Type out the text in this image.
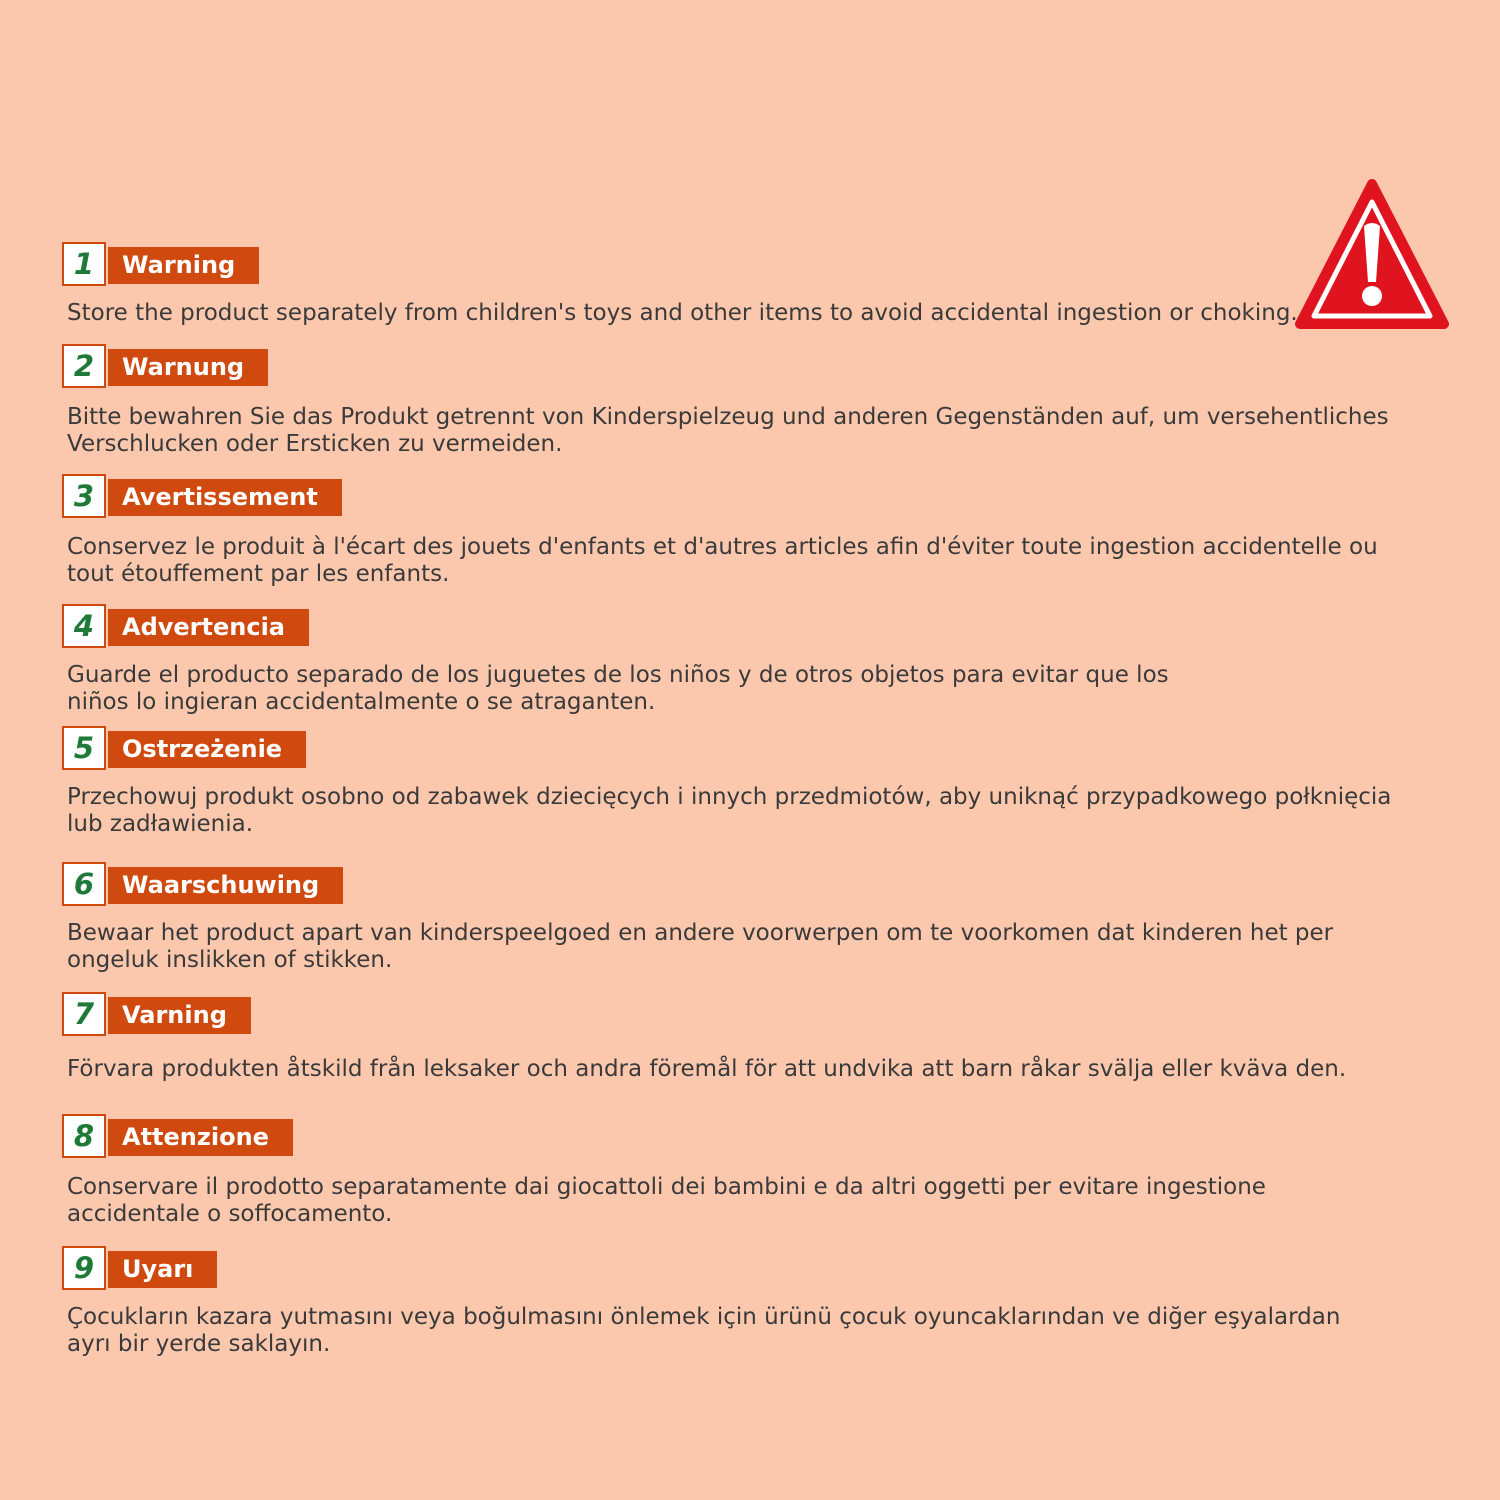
1	Warning

Store the product separately from children's toys and other items to avoid accidental ingestion or choking.

2	Warnung

Bitte bewahren Sie das Produkt getrennt von Kinderspielzeug und anderen Gegenständen auf, um versehentliches
Verschlucken oder Ersticken zu vermeiden.

3	Avertissement

Conservez le produit à l'écart des jouets d'enfants et d'autres articles afin d'éviter toute ingestion accidentelle ou
tout étouffement par les enfants.

4	Advertencia

Guarde el producto separado de los juguetes de los niños y de otros objetos para evitar que los
niños lo ingieran accidentalmente o se atraganten.

5	Ostrzeżenie

Przechowuj produkt osobno od zabawek dziecięcych i innych przedmiotów, aby uniknąć przypadkowego połknięcia
lub zadławienia.

6	Waarschuwing

Bewaar het product apart van kinderspeelgoed en andere voorwerpen om te voorkomen dat kinderen het per
ongeluk inslikken of stikken.

7	Varning

Förvara produkten åtskild från leksaker och andra föremål för att undvika att barn råkar svälja eller kväva den.

8	Attenzione

Conservare il prodotto separatamente dai giocattoli dei bambini e da altri oggetti per evitare ingestione
accidentale o soffocamento.

9	Uyarı

Çocukların kazara yutmasını veya boğulmasını önlemek için ürünü çocuk oyuncaklarından ve diğer eşyalardan
ayrı bir yerde saklayın.
